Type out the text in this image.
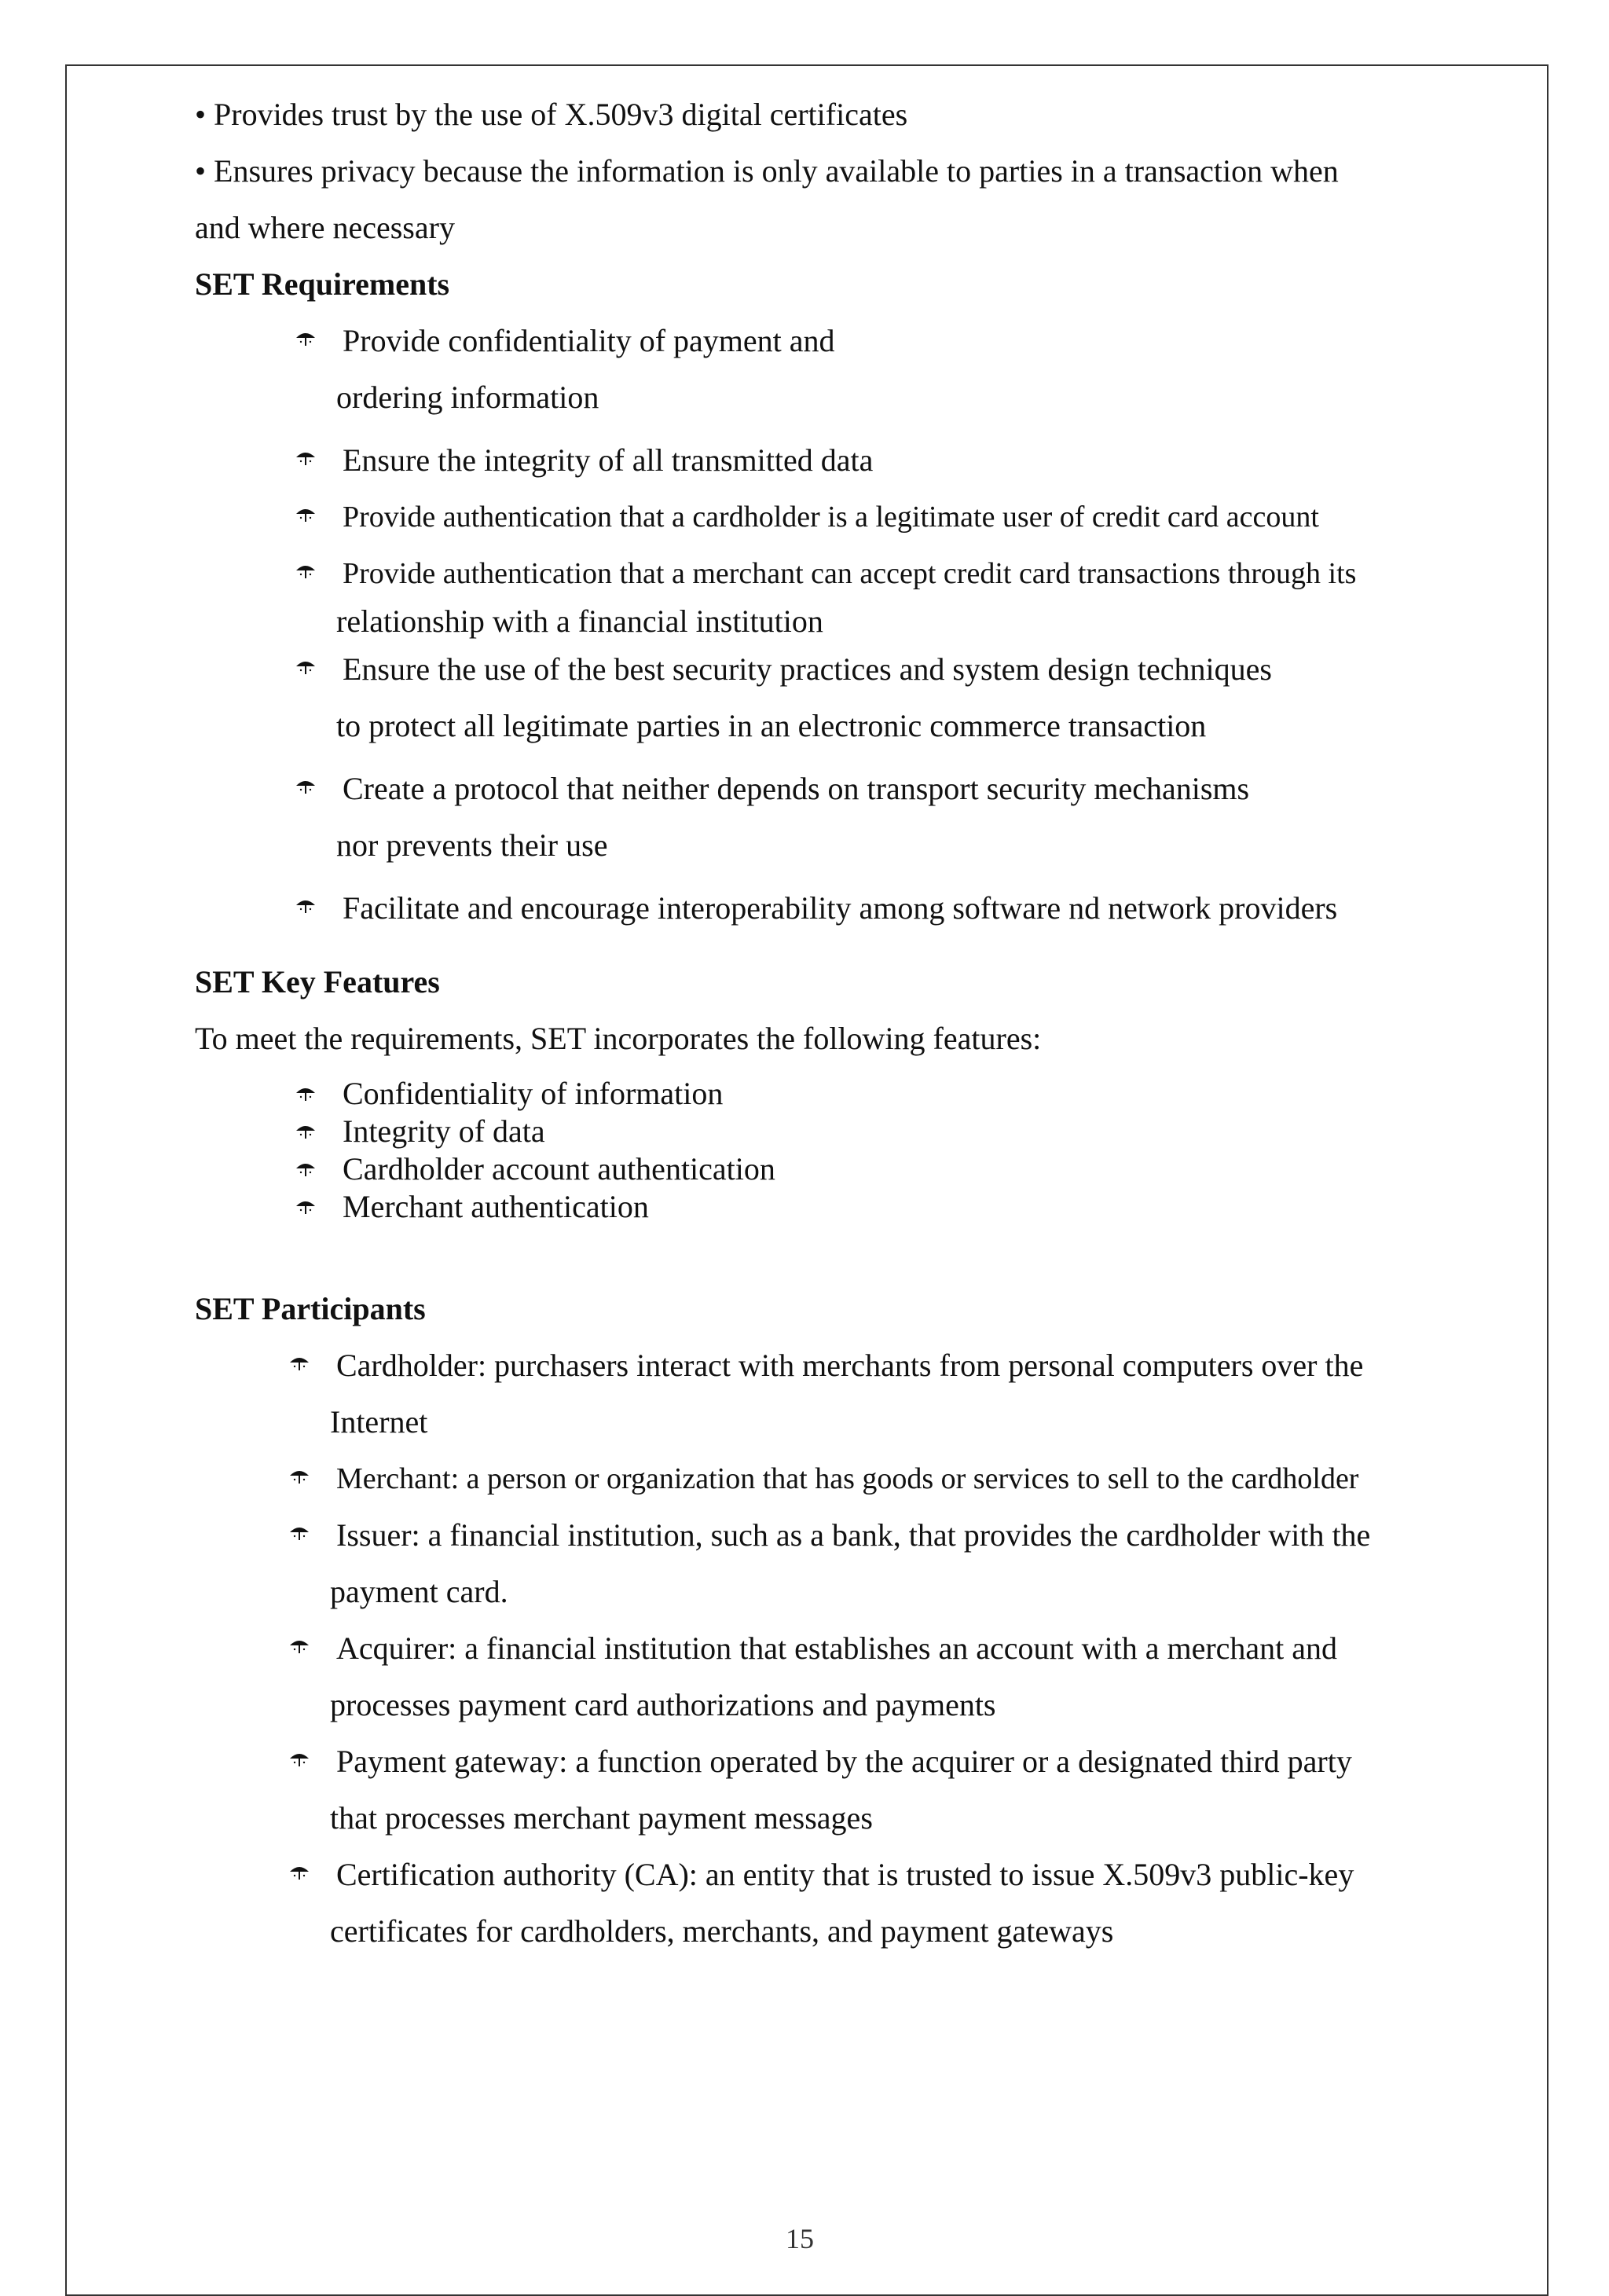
• Provides trust by the use of X.509v3 digital certificates

• Ensures privacy because the information is only available to parties in a transaction when

and where necessary

SET Requirements

Provide confidentiality of payment and
ordering information
Ensure the integrity of all transmitted data
Provide authentication that a cardholder is a legitimate user of credit card account
Provide authentication that a merchant can accept credit card transactions through its
relationship with a financial institution
Ensure the use of the best security practices and system design techniques
to protect all legitimate parties in an electronic commerce transaction
Create a protocol that neither depends on transport security mechanisms
nor prevents their use
Facilitate and encourage interoperability among software nd network providers

SET Key Features

To meet the requirements, SET incorporates the following features:

Confidentiality of information
Integrity of data
Cardholder account authentication
Merchant authentication

SET Participants

Cardholder: purchasers interact with merchants from personal computers over the
Internet
Merchant: a person or organization that has goods or services to sell to the cardholder
Issuer: a financial institution, such as a bank, that provides the cardholder with the
payment card.
Acquirer: a financial institution that establishes an account with a merchant and
processes payment card authorizations and payments
Payment gateway: a function operated by the acquirer or a designated third party
that processes merchant payment messages
Certification authority (CA): an entity that is trusted to issue X.509v3 public-key
certificates for cardholders, merchants, and payment gateways
15
